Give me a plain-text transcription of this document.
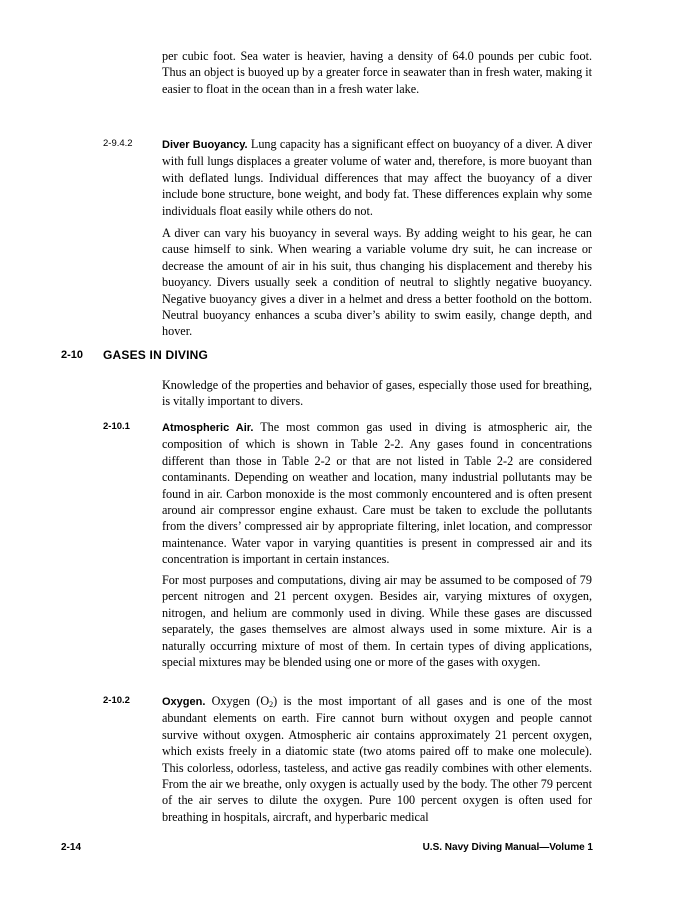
per cubic foot. Sea water is heavier, having a density of 64.0 pounds per cubic foot. Thus an object is buoyed up by a greater force in seawater than in fresh water, making it easier to float in the ocean than in a fresh water lake.

2-9.4.2	Diver Buoyancy. Lung capacity has a significant effect on buoyancy of a diver. A diver with full lungs displaces a greater volume of water and, therefore, is more buoyant than with deflated lungs. Individual differences that may affect the buoyancy of a diver include bone structure, bone weight, and body fat. These differences explain why some individuals float easily while others do not.

A diver can vary his buoyancy in several ways. By adding weight to his gear, he can cause himself to sink. When wearing a variable volume dry suit, he can increase or decrease the amount of air in his suit, thus changing his displacement and thereby his buoyancy. Divers usually seek a condition of neutral to slightly negative buoyancy. Negative buoyancy gives a diver in a helmet and dress a better foothold on the bottom. Neutral buoyancy enhances a scuba diver’s ability to swim easily, change depth, and hover.

2-10 GASES IN DIVING

Knowledge of the properties and behavior of gases, especially those used for breathing, is vitally important to divers.

2-10.1	Atmospheric Air. The most common gas used in diving is atmospheric air, the composition of which is shown in Table 2-2. Any gases found in concentrations different than those in Table 2-2 or that are not listed in Table 2-2 are considered contaminants. Depending on weather and location, many industrial pollutants may be found in air. Carbon monoxide is the most commonly encountered and is often present around air compressor engine exhaust. Care must be taken to exclude the pollutants from the divers’ compressed air by appropriate filtering, inlet location, and compressor maintenance. Water vapor in varying quantities is present in compressed air and its concentration is important in certain instances.

For most purposes and computations, diving air may be assumed to be composed of 79 percent nitrogen and 21 percent oxygen. Besides air, varying mixtures of oxygen, nitrogen, and helium are commonly used in diving. While these gases are discussed separately, the gases themselves are almost always used in some mixture. Air is a naturally occurring mixture of most of them. In certain types of diving applications, special mixtures may be blended using one or more of the gases with oxygen.

2-10.2	Oxygen. Oxygen $(O_2)$ is the most important of all gases and is one of the most abundant elements on earth. Fire cannot burn without oxygen and people cannot survive without oxygen. Atmospheric air contains approximately 21 percent oxygen, which exists freely in a diatomic state (two atoms paired off to make one molecule). This colorless, odorless, tasteless, and active gas readily combines with other elements. From the air we breathe, only oxygen is actually used by the body. The other 79 percent of the air serves to dilute the oxygen. Pure 100 percent oxygen is often used for breathing in hospitals, aircraft, and hyperbaric medical

2-14	U.S. Navy Diving Manual—Volume 1
